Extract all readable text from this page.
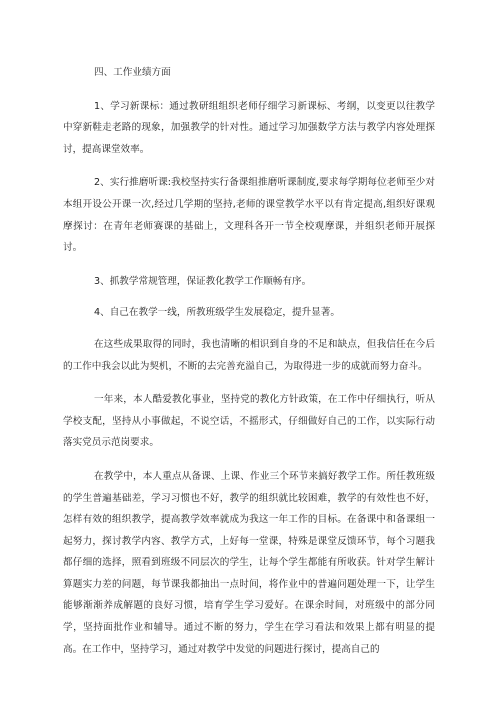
四、工作业绩方面

1、学习新课标：通过教研组组织老师仔细学习新课标、考纲，以变更以往教学中穿新鞋走老路的现象，加强教学的针对性。通过学习加强数学方法与教学内容处理探讨，提高课堂效率。

2、实行推磨听课:我校坚持实行备课组推磨听课制度,要求每学期每位老师至少对本组开设公开课一次,经过几学期的坚持,老师的课堂教学水平以有肯定提高,组织好课观摩探讨：在青年老师赛课的基础上，文理科各开一节全校观摩课，并组织老师开展探讨。

3、抓教学常规管理，保证教化教学工作顺畅有序。

4、自己在教学一线，所教班级学生发展稳定，提升显著。

在这些成果取得的同时，我也清晰的相识到自身的不足和缺点，但我信任在今后的工作中我会以此为契机，不断的去完善充溢自己，为取得进一步的成就而努力奋斗。

一年来，本人酷爱教化事业，坚持党的教化方针政策，在工作中仔细执行，听从学校支配，坚持从小事做起，不说空话，不摇形式，仔细做好自己的工作，以实际行动落实党员示范岗要求。

在教学中，本人重点从备课、上课、作业三个环节来搞好教学工作。所任教班级的学生普遍基础差，学习习惯也不好，教学的组织就比较困难，教学的有效性也不好，怎样有效的组织教学，提高教学效率就成为我这一年工作的目标。在备课中和备课组一起努力，探讨教学内容、教学方式，上好每一堂课，特殊是课堂反馈环节，每个习题我都仔细的选择，照看到班级不同层次的学生，让每个学生都能有所收获。针对学生解计算题实力差的问题，每节课我都抽出一点时间，将作业中的普遍问题处理一下，让学生能够渐渐养成解题的良好习惯，培育学生学习爱好。在课余时间，对班级中的部分同学，坚持面批作业和辅导。通过不断的努力，学生在学习看法和效果上都有明显的提高。在工作中，坚持学习，通过对教学中发觉的问题进行探讨，提高自己的
